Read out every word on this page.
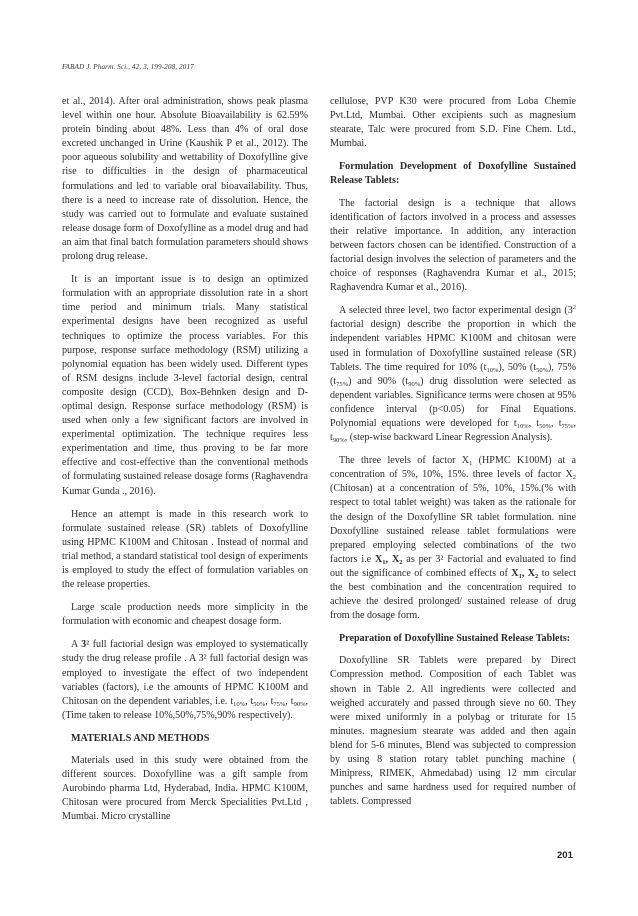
FABAD J. Pharm. Sci., 42, 3, 199-208, 2017

et al., 2014). After oral administration, shows peak plasma level within one hour. Absolute Bioavailability is 62.59% protein binding about 48%. Less than 4% of oral dose excreted unchanged in Urine (Kaushik P et al., 2012). The poor aqueous solubility and wettability of Doxofylline give rise to difficulties in the design of pharmaceutical formulations and led to variable oral bioavailability. Thus, there is a need to increase rate of dissolution. Hence, the study was carried out to formulate and evaluate sustained release dosage form of Doxofylline as a model drug and had an aim that final batch formulation parameters should shows prolong drug release.

It is an important issue is to design an optimized formulation with an appropriate dissolution rate in a short time period and minimum trials. Many statistical experimental designs have been recognized as useful techniques to optimize the process variables. For this purpose, response surface methodology (RSM) utilizing a polynomial equation has been widely used. Different types of RSM designs include 3-level factorial design, central composite design (CCD), Box-Behnken design and D-optimal design. Response surface methodology (RSM) is used when only a few significant factors are involved in experimental optimization. The technique requires less experimentation and time, thus proving to be far more effective and cost-effective than the conventional methods of formulating sustained release dosage forms (Raghavendra Kumar Gunda ., 2016).

Hence an attempt is made in this research work to formulate sustained release (SR) tablets of Doxofylline using HPMC K100M and Chitosan . Instead of normal and trial method, a standard statistical tool design of experiments is employed to study the effect of formulation variables on the release properties.

Large scale production needs more simplicity in the formulation with economic and cheapest dosage form.

A 3² full factorial design was employed to systematically study the drug release profile . A 3² full factorial design was employed to investigate the effect of two independent variables (factors), i.e the amounts of HPMC K100M and Chitosan on the dependent variables, i.e. $t_{10\%}$, $t_{50\%}$, $t_{75\%}$, $t_{90\%}$, (Time taken to release 10%,50%,75%,90% respectively).

MATERIALS AND METHODS

Materials used in this study were obtained from the different sources. Doxofylline was a gift sample from Aurobindo pharma Ltd, Hyderabad, India. HPMC K100M, Chitosan were procured from Merck Specialities Pvt.Ltd , Mumbai. Micro crystalline

cellulose, PVP K30 were procured from Loba Chemie Pvt.Ltd, Mumbai. Other excipients such as magnesium stearate, Talc were procured from S.D. Fine Chem. Ltd., Mumbai.

Formulation Development of Doxofylline Sustained Release Tablets:

The factorial design is a technique that allows identification of factors involved in a process and assesses their relative importance. In addition, any interaction between factors chosen can be identified. Construction of a factorial design involves the selection of parameters and the choice of responses (Raghavendra Kumar et al., 2015; Raghavendra Kumar et al., 2016).

A selected three level, two factor experimental design ($3^2$ factorial design) describe the proportion in which the independent variables HPMC K100M and chitosan were used in formulation of Doxofylline sustained release (SR) Tablets. The time required for 10% $(t_{10\%})$, 50% $(t_{50\%})$, 75% $(t_{75\%})$ and 90% $(t_{90\%})$ drug dissolution were selected as dependent variables. Significance terms were chosen at 95% confidence interval (p<0.05) for Final Equations. Polynomial equations were developed for $t_{10\%}$, $t_{50\%}$, $t_{75\%}$, $t_{90\%}$, (step-wise backward Linear Regression Analysis).

The three levels of factor $X_1$ (HPMC K100M) at a concentration of 5%, 10%, 15%. three levels of factor $X_2$ (Chitosan) at a concentration of 5%, 10%, 15%.(% with respect to total tablet weight) was taken as the rationale for the design of the Doxofylline SR tablet formulation. nine Doxofylline sustained release tablet formulations were prepared employing selected combinations of the two factors i.e $X_1$, $X_2$ as per 3² Factorial and evaluated to find out the significance of combined effects of $X_1$, $X_2$ to select the best combination and the concentration required to achieve the desired prolonged/ sustained release of drug from the dosage form.

Preparation of Doxofylline Sustained Release Tablets:

Doxofylline SR Tablets were prepared by Direct Compression method. Composition of each Tablet was shown in Table 2. All ingredients were collected and weighed accurately and passed through sieve no 60. They were mixed uniformly in a polybag or triturate for 15 minutes. magnesium stearate was added and then again blend for 5-6 minutes, Blend was subjected to compression by using 8 station rotary tablet punching machine ( Minipress, RIMEK, Ahmedabad) using 12 mm circular punches and same hardness used for required number of tablets. Compressed

201
